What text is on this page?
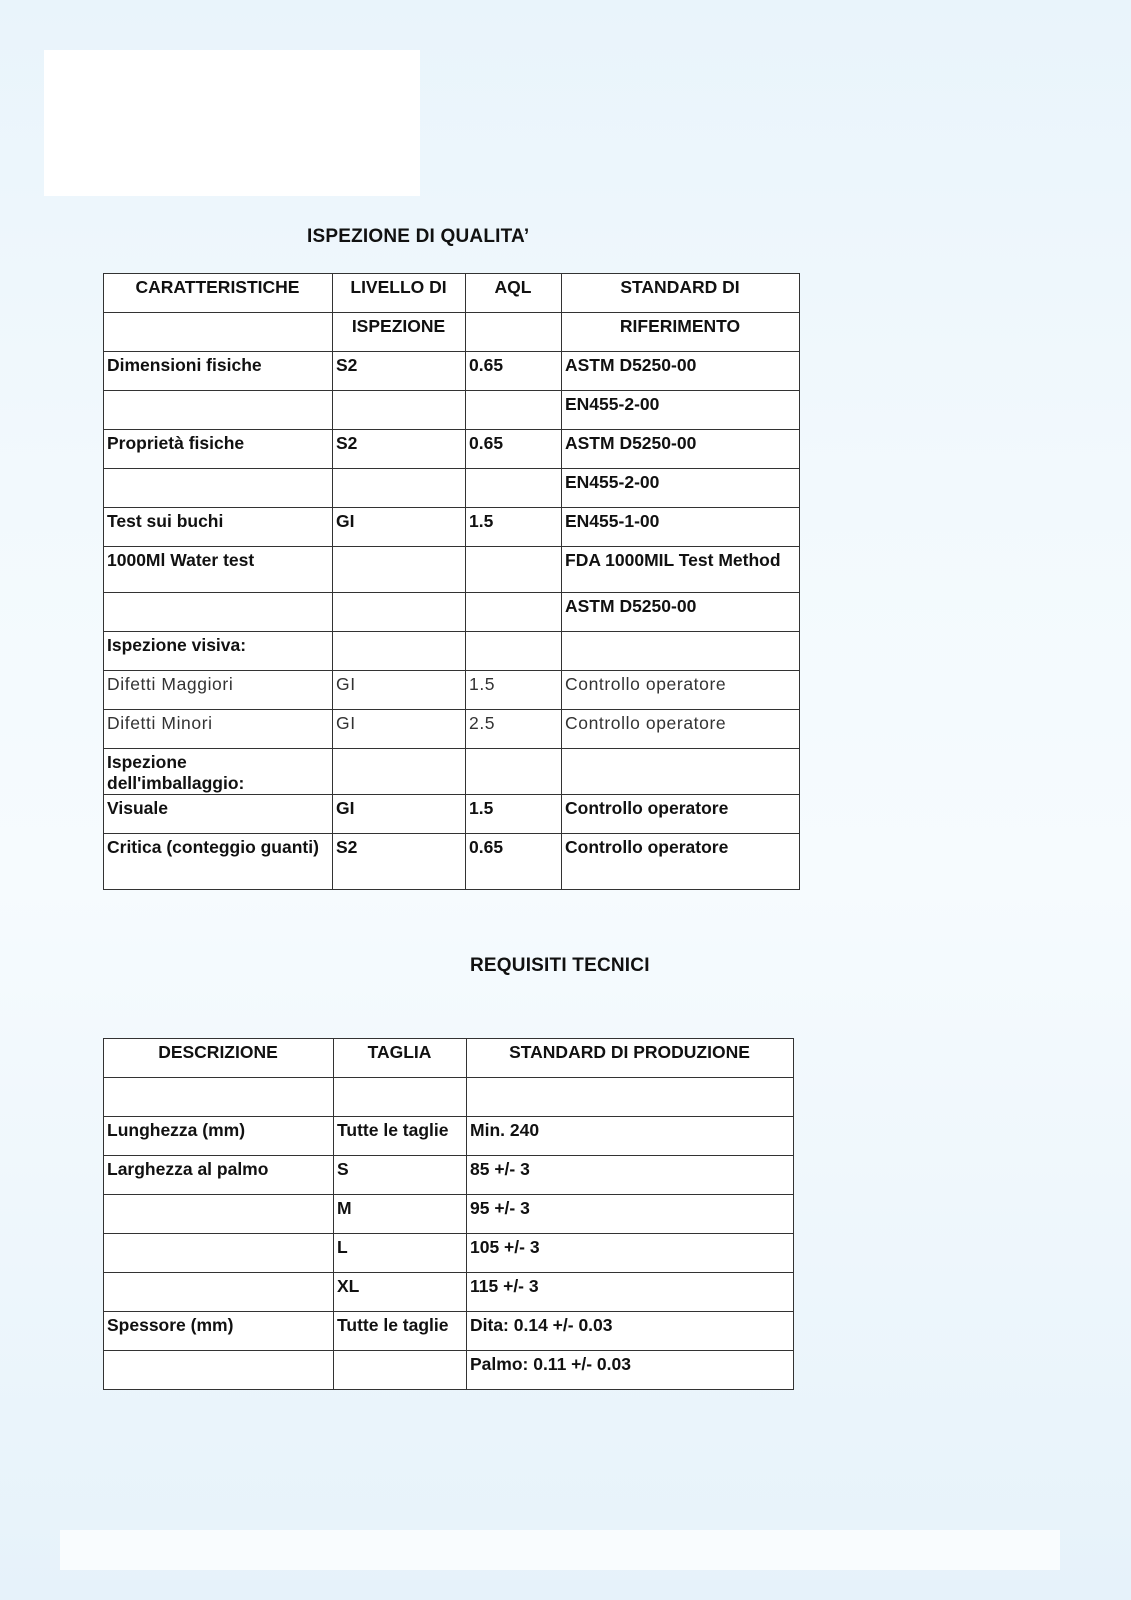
ISPEZIONE DI QUALITA’
CARATTERISTICHE	LIVELLO DI	AQL	STANDARD DI
	ISPEZIONE		RIFERIMENTO
Dimensioni fisiche	S2	0.65	ASTM D5250-00
			EN455-2-00
Proprietà fisiche	S2	0.65	ASTM D5250-00
			EN455-2-00
Test sui buchi	GI	1.5	EN455-1-00
1000Ml Water test			FDA 1000MIL Test Method
			ASTM D5250-00
Ispezione visiva:			
Difetti Maggiori	GI	1.5	Controllo operatore
Difetti Minori	GI	2.5	Controllo operatore
Ispezione dell'imballaggio:			
Visuale	GI	1.5	Controllo operatore
Critica (conteggio guanti)	S2	0.65	Controllo operatore
REQUISITI TECNICI
DESCRIZIONE	TAGLIA	STANDARD DI PRODUZIONE

Lunghezza (mm)	Tutte le taglie	Min. 240
Larghezza al palmo	S	85 +/- 3
	M	95 +/- 3
	L	105 +/- 3
	XL	115 +/- 3
Spessore (mm)	Tutte le taglie	Dita: 0.14 +/- 0.03
		Palmo: 0.11 +/- 0.03
